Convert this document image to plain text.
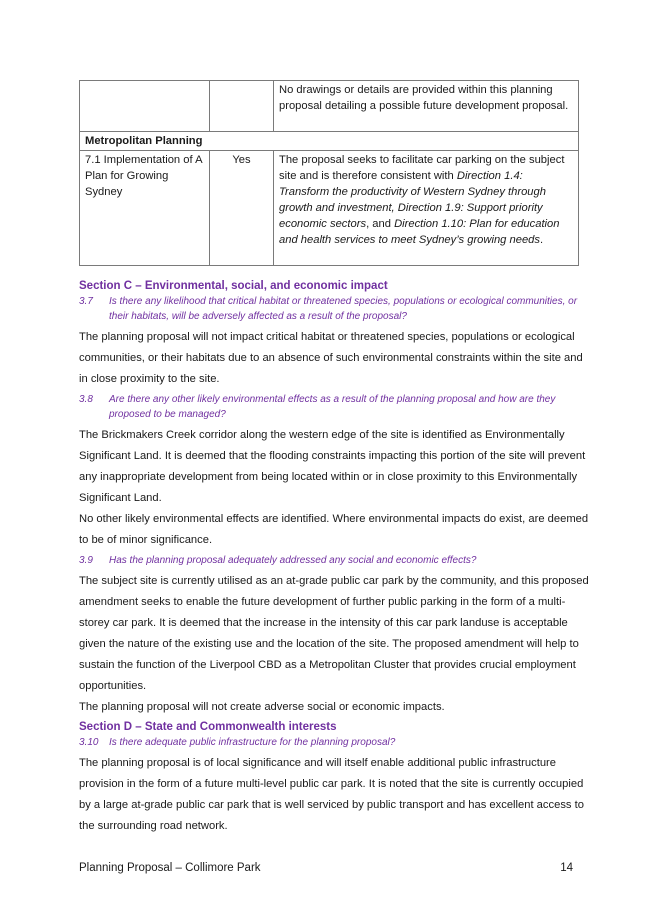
		No drawings or details are provided within this planning proposal detailing a possible future development proposal.
Metropolitan Planning		
7.1 Implementation of A Plan for Growing Sydney	Yes	The proposal seeks to facilitate car parking on the subject site and is therefore consistent with Direction 1.4: Transform the productivity of Western Sydney through growth and investment, Direction 1.9: Support priority economic sectors, and Direction 1.10: Plan for education and health services to meet Sydney’s growing needs.

Section C – Environmental, social, and economic impact

3.7	Is there any likelihood that critical habitat or threatened species, populations or ecological communities, or their habitats, will be adversely affected as a result of the proposal?

The planning proposal will not impact critical habitat or threatened species, populations or ecological communities, or their habitats due to an absence of such environmental constraints within the site and in close proximity to the site.

3.8	Are there any other likely environmental effects as a result of the planning proposal and how are they proposed to be managed?

The Brickmakers Creek corridor along the western edge of the site is identified as Environmentally Significant Land. It is deemed that the flooding constraints impacting this portion of the site will prevent any inappropriate development from being located within or in close proximity to this Environmentally Significant Land.

No other likely environmental effects are identified. Where environmental impacts do exist, are deemed to be of minor significance.

3.9	Has the planning proposal adequately addressed any social and economic effects?

The subject site is currently utilised as an at-grade public car park by the community, and this proposed amendment seeks to enable the future development of further public parking in the form of a multi-storey car park. It is deemed that the increase in the intensity of this car park landuse is acceptable given the nature of the existing use and the location of the site. The proposed amendment will help to sustain the function of the Liverpool CBD as a Metropolitan Cluster that provides crucial employment opportunities.

The planning proposal will not create adverse social or economic impacts.

Section D – State and Commonwealth interests

3.10	Is there adequate public infrastructure for the planning proposal?

The planning proposal is of local significance and will itself enable additional public infrastructure provision in the form of a future multi-level public car park. It is noted that the site is currently occupied by a large at-grade public car park that is well serviced by public transport and has excellent access to the surrounding road network.

Planning Proposal – Collimore Park	14
